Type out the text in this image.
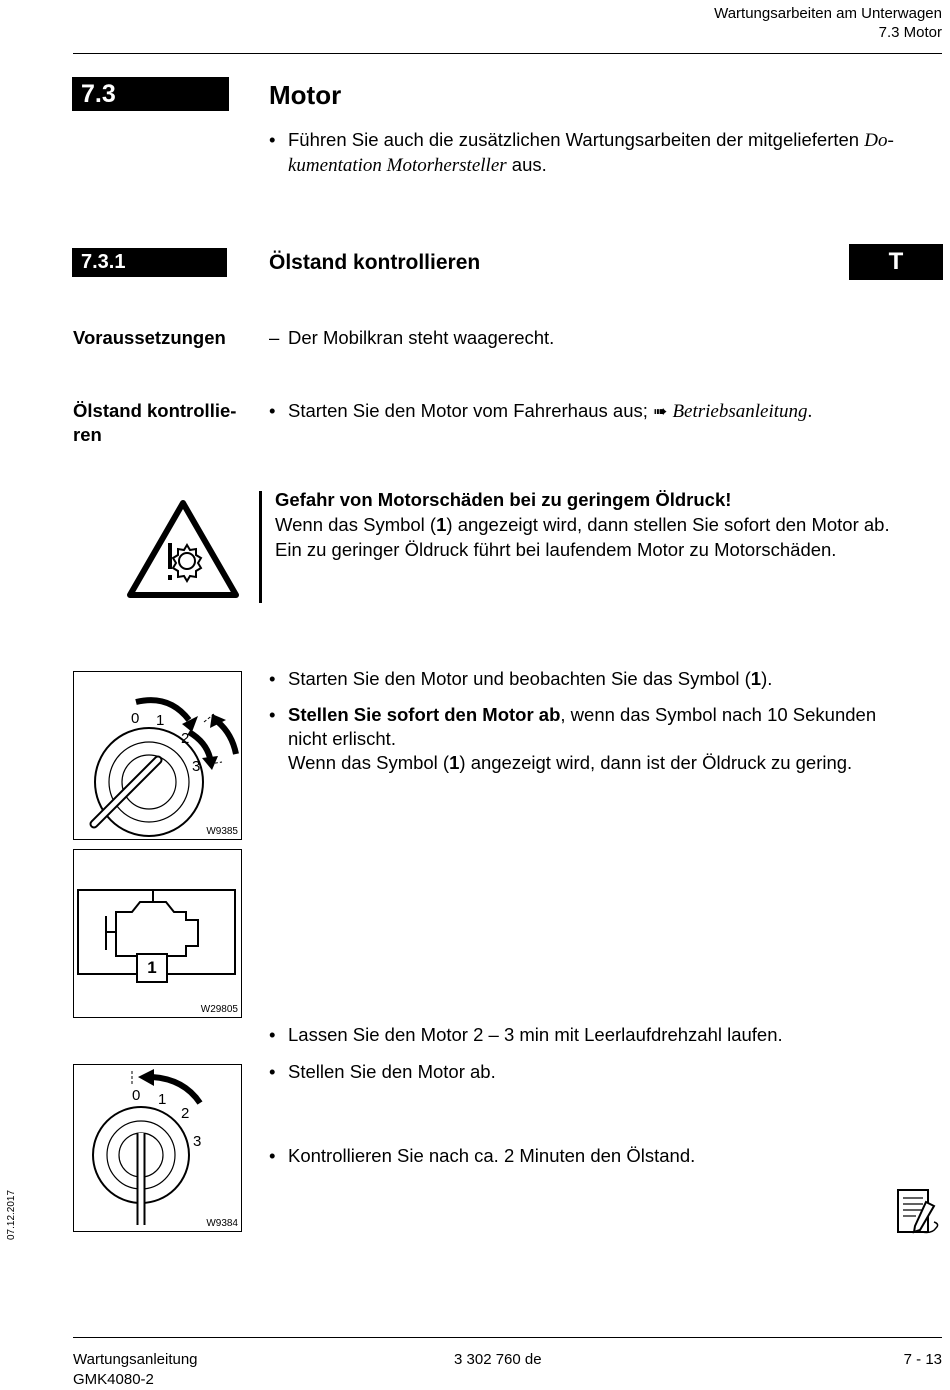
Wartungsarbeiten am Unterwagen
7.3 Motor
7.3	Motor
• Führen Sie auch die zusätzlichen Wartungsarbeiten der mitgelieferten Do-
kumentation Motorhersteller aus.
7.3.1	Ölstand kontrollieren	T
Voraussetzungen – Der Mobilkran steht waagerecht.
Ölstand kontrollie-
ren
• Starten Sie den Motor vom Fahrerhaus aus; ➠ Betriebsanleitung.
Gefahr von Motorschäden bei zu geringem Öldruck!
Wenn das Symbol (1) angezeigt wird, dann stellen Sie sofort den Motor ab.
Ein zu geringer Öldruck führt bei laufendem Motor zu Motorschäden.
0 1
2
3
W9385
1
W29805
0 1
2
3
W9384
• Starten Sie den Motor und beobachten Sie das Symbol (1).
• Stellen Sie sofort den Motor ab, wenn das Symbol nach 10 Sekunden
nicht erlischt.
Wenn das Symbol (1) angezeigt wird, dann ist der Öldruck zu gering.
• Lassen Sie den Motor 2 – 3 min mit Leerlaufdrehzahl laufen.
• Stellen Sie den Motor ab.
• Kontrollieren Sie nach ca. 2 Minuten den Ölstand.
07.12.2017
Wartungsanleitung
GMK4080-2
3 302 760 de	7 - 13
